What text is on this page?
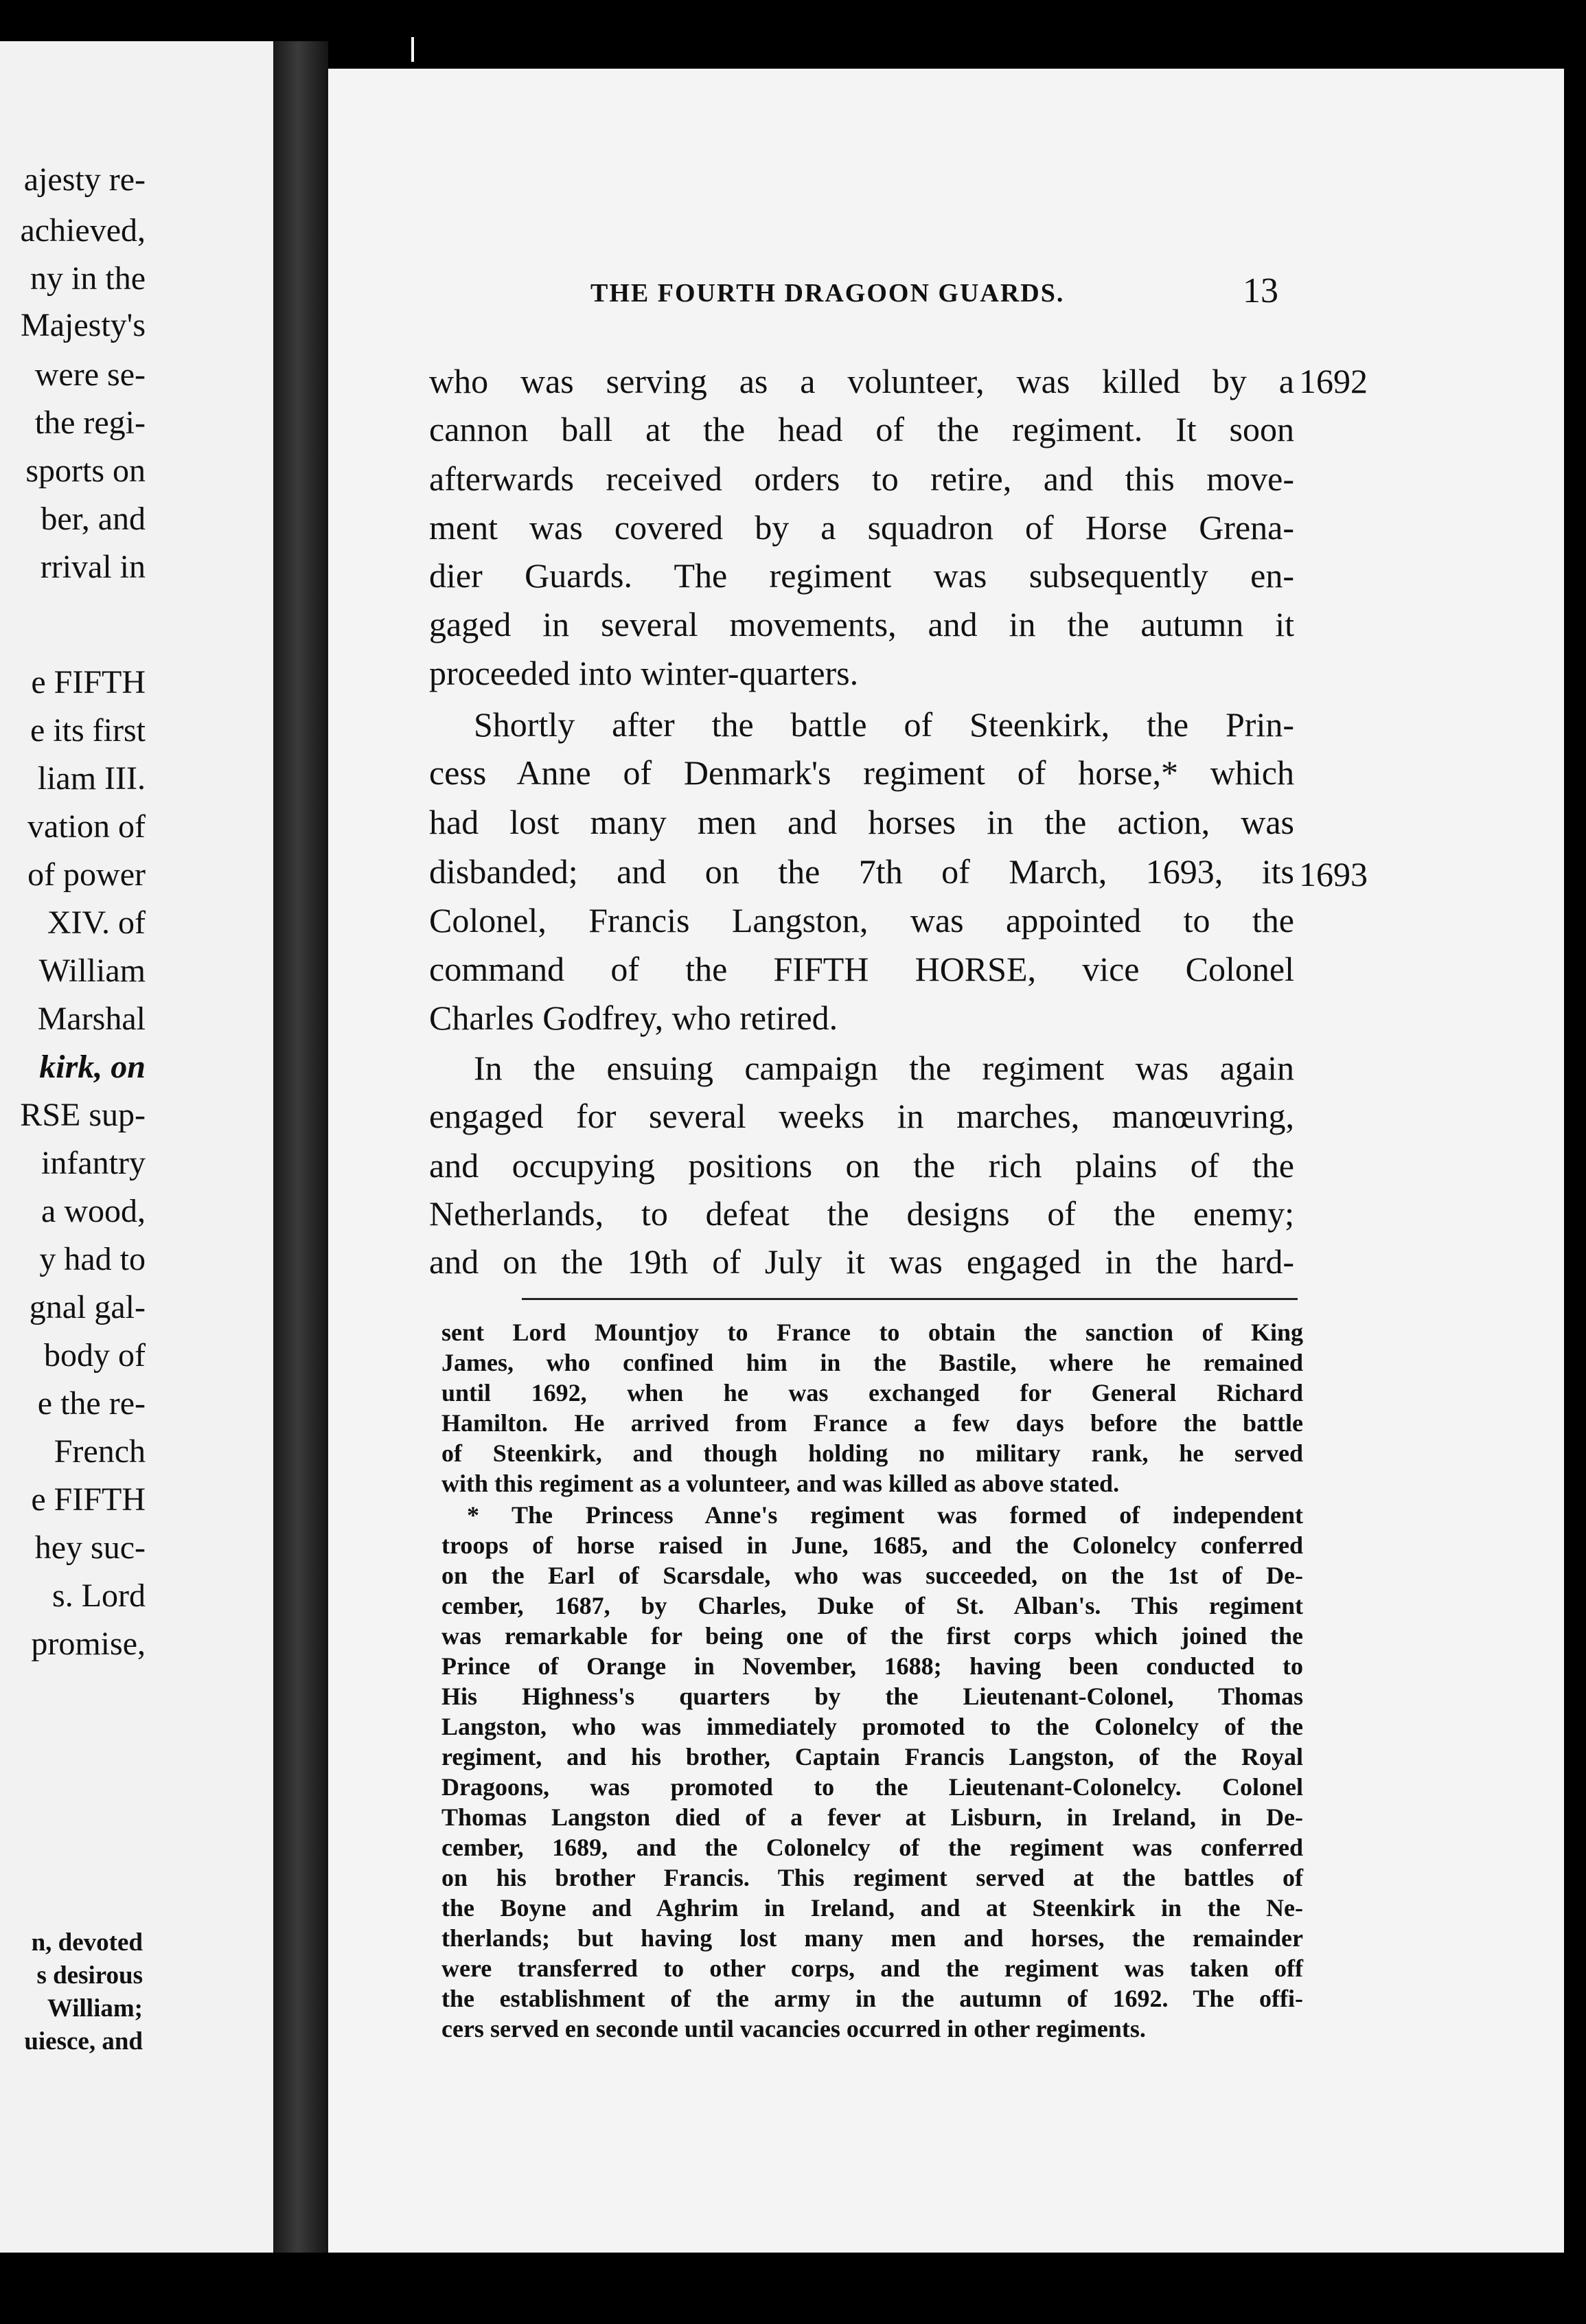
ajesty re-
achieved,
ny in the
Majesty's
were se-
the regi-
sports on
ber, and
rrival in
e FIFTH
e its first
liam III.
vation of
of power
XIV. of
William
Marshal
kirk, on
RSE sup-
infantry
a wood,
y had to
gnal gal-
body of
e the re-
French
e FIFTH
hey suc-
s. Lord
promise,
n, devoted
s desirous
William;
uiesce, and
THE FOURTH DRAGOON GUARDS.	13
1692
1693
who was serving as a volunteer, was killed by a
cannon ball at the head of the regiment. It soon
afterwards received orders to retire, and this move-
ment was covered by a squadron of Horse Grena-
dier Guards. The regiment was subsequently en-
gaged in several movements, and in the autumn it
proceeded into winter-quarters.
Shortly after the battle of Steenkirk, the Prin-
cess Anne of Denmark's regiment of horse,* which
had lost many men and horses in the action, was
disbanded; and on the 7th of March, 1693, its
Colonel, Francis Langston, was appointed to the
command of the FIFTH HORSE, vice Colonel
Charles Godfrey, who retired.
In the ensuing campaign the regiment was again
engaged for several weeks in marches, manœuvring,
and occupying positions on the rich plains of the
Netherlands, to defeat the designs of the enemy;
and on the 19th of July it was engaged in the hard-
sent Lord Mountjoy to France to obtain the sanction of King
James, who confined him in the Bastile, where he remained
until 1692, when he was exchanged for General Richard
Hamilton. He arrived from France a few days before the battle
of Steenkirk, and though holding no military rank, he served
with this regiment as a volunteer, and was killed as above stated.
* The Princess Anne's regiment was formed of independent
troops of horse raised in June, 1685, and the Colonelcy conferred
on the Earl of Scarsdale, who was succeeded, on the 1st of De-
cember, 1687, by Charles, Duke of St. Alban's. This regiment
was remarkable for being one of the first corps which joined the
Prince of Orange in November, 1688; having been conducted to
His Highness's quarters by the Lieutenant-Colonel, Thomas
Langston, who was immediately promoted to the Colonelcy of the
regiment, and his brother, Captain Francis Langston, of the Royal
Dragoons, was promoted to the Lieutenant-Colonelcy. Colonel
Thomas Langston died of a fever at Lisburn, in Ireland, in De-
cember, 1689, and the Colonelcy of the regiment was conferred
on his brother Francis. This regiment served at the battles of
the Boyne and Aghrim in Ireland, and at Steenkirk in the Ne-
therlands; but having lost many men and horses, the remainder
were transferred to other corps, and the regiment was taken off
the establishment of the army in the autumn of 1692. The offi-
cers served en seconde until vacancies occurred in other regiments.
